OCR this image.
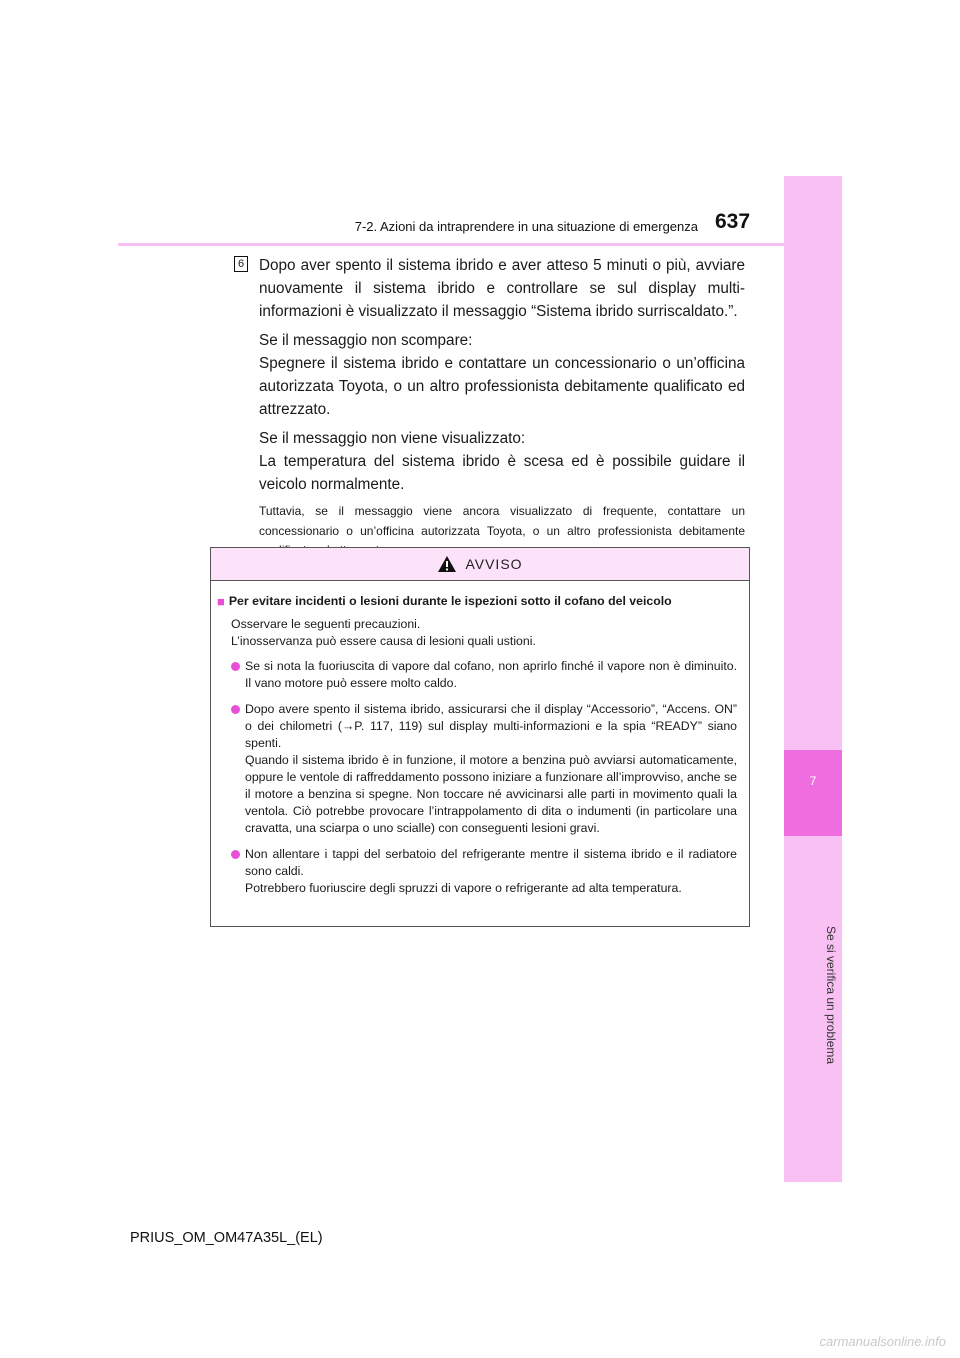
7
Se si verifica un problema
7-2. Azioni da intraprendere in una situazione di emergenza 637
6 Dopo aver spento il sistema ibrido e aver atteso 5 minuti o più, avviare nuovamente il sistema ibrido e controllare se sul display multi-informazioni è visualizzato il messaggio “Sistema ibrido surriscaldato.”.

Se il messaggio non scompare:

Spegnere il sistema ibrido e contattare un concessionario o un’officina autorizzata Toyota, o un altro professionista debitamente qualificato ed attrezzato.

Se il messaggio non viene visualizzato:

La temperatura del sistema ibrido è scesa ed è possibile guidare il veicolo normalmente.

Tuttavia, se il messaggio viene ancora visualizzato di frequente, contattare un concessionario o un’officina autorizzata Toyota, o un altro professionista debitamente

AVVISO
■ Per evitare incidenti o lesioni durante le ispezioni sotto il cofano del veicolo
Osservare le seguenti precauzioni.
L’inosservanza può essere causa di lesioni quali ustioni.
Se si nota la fuoriuscita di vapore dal cofano, non aprirlo finché il vapore non è diminuito. Il vano motore può essere molto caldo.
Dopo avere spento il sistema ibrido, assicurarsi che il display “Accessorio”, “Accens. ON” o dei chilometri (→P. 117, 119) sul display multi-informazioni e la spia “READY” siano spenti.
Quando il sistema ibrido è in funzione, il motore a benzina può avviarsi automaticamente, oppure le ventole di raffreddamento possono iniziare a funzionare all’improvviso, anche se il motore a benzina si spegne. Non toccare né avvicinarsi alle parti in movimento quali la ventola. Ciò potrebbe provocare l’intrappolamento di dita o indumenti (in particolare una cravatta, una sciarpa o uno scialle) con conseguenti lesioni gravi.
Non allentare i tappi del serbatoio del refrigerante mentre il sistema ibrido e il radiatore sono caldi.
Potrebbero fuoriuscire degli spruzzi di vapore o refrigerante ad alta temperatura.
PRIUS_OM_OM47A35L_(EL)
carmanualsonline.info
